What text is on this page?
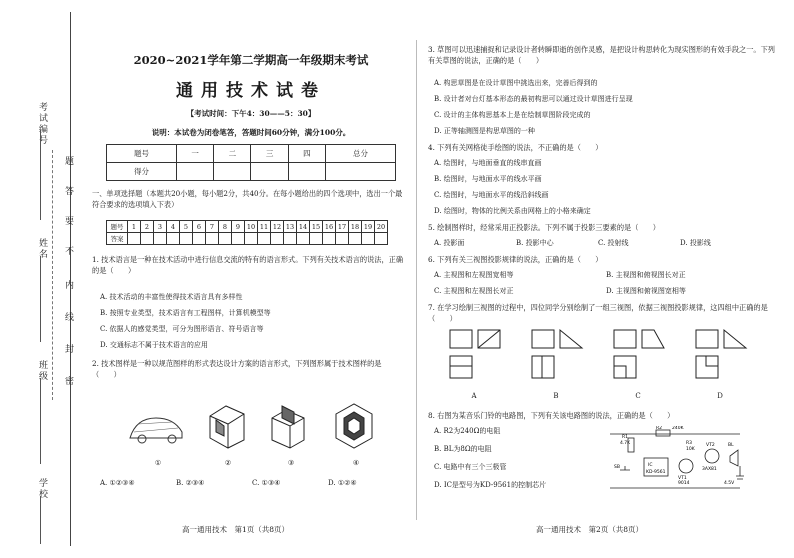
考试编号
姓名
班级
学校
题
答
要
不
内
线
封
密
2020~2021学年第二学期高一年级期末考试
通用技术试卷
【考试时间：下午4：30——5：30】
说明：本试卷为闭卷笔答，答题时间60分钟，满分100分。
题号	一	二	三	四	总分
得分					
一、单项选择题（本题共20小题，每小题2分，共40分。在每小题给出的四个选项中，选出一个最符合要求的选项填入下表）
题号	1	2	3	4	5	6	7	8	9	10	11	12	13	14	15	16	17	18	19	20
答案																				
1. 技术语言是一种在技术活动中进行信息交流的特有的语言形式。下列有关技术语言的说法，正确的是（　　）
A. 技术活动的丰富性使得技术语言具有多样性
B. 按照专业类型，技术语言有工程图样，计算机模型等
C. 依据人的感觉类型，可分为图形语言、符号语言等
D. 交通标志不属于技术语言的应用
2. 技术图样是一种以规范图样的形式表达设计方案的语言形式，下列图形属于技术图样的是（　　）
①	②	③	④
A. ①②③④	B. ②③④	C. ①③④	D. ①②④
高一通用技术　第1页（共8页）
3. 草图可以迅速捕捉和记录设计者转瞬即逝的创作灵感，是把设计构思转化为现实图形的有效手段之一。下列有关草图的说法，正确的是（　　）
A. 构思草图是在设计草图中挑选出来，完善后得到的
B. 设计者对台灯基本形态的最初构思可以通过设计草图进行呈现
C. 设计的主体构思基本上是在绘制草图阶段完成的
D. 正等轴测图是构思草图的一种
4. 下列有关网格徒手绘图的说法，不正确的是（　　）
A. 绘图时，与地面垂直的线串直画
B. 绘图时，与地面水平的线水平画
C. 绘图时，与地面水平的线沿斜线画
D. 绘图时，物体的比例关系由网格上的小格来确定
5. 绘制图样时，经常采用正投影法。下列不属于投影三要素的是（　　）
A. 投影面	B. 投影中心	C. 投射线	D. 投影线
6. 下列有关三视图投影规律的说法，正确的是（　　）
A. 主视图和左视图宽相等	B. 主视图和俯视图长对正
C. 主视图和左视图长对正	D. 主视图和俯视图宽相等
7. 在学习绘制三视图的过程中，四位同学分别绘制了一组三视图，依据三视图投影规律，这四组中正确的是（　　）
A	B	C	D
8. 右图为某音乐门铃的电路图，下列有关该电路图的说法，正确的是（　　）
A. R2为240Ω的电阻
B. BL为8Ω的电阻
C. 电路中有三个三极管
D. IC是型号为KD-9561的控制芯片
R1
4.7K
R2 240K
SB	IC
KD-9561
VT1
9014
VT2
3AX81
R3
10K
BL
4.5V
高一通用技术　第2页（共8页）
